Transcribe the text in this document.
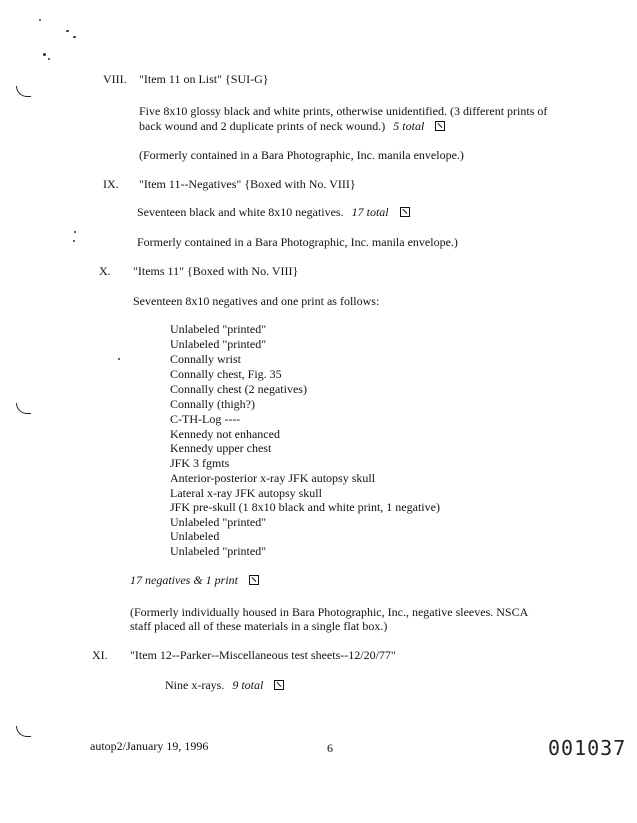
VIII. "Item 11 on List" {SUI-G}
Five 8x10 glossy black and white prints, otherwise unidentified. (3 different prints of
back wound and 2 duplicate prints of neck wound.) 5 total
(Formerly contained in a Bara Photographic, Inc. manila envelope.)
IX. "Item 11--Negatives" {Boxed with No. VIII}
Seventeen black and white 8x10 negatives. 17 total
Formerly contained in a Bara Photographic, Inc. manila envelope.)
X. "Items 11" {Boxed with No. VIII}
Seventeen 8x10 negatives and one print as follows:
Unlabeled "printed"
Unlabeled "printed"
Connally wrist
Connally chest, Fig. 35
Connally chest (2 negatives)
Connally (thigh?)
C-TH-Log ----
Kennedy not enhanced
Kennedy upper chest
JFK 3 fgmts
Anterior-posterior x-ray JFK autopsy skull
Lateral x-ray JFK autopsy skull
JFK pre-skull (1 8x10 black and white print, 1 negative)
Unlabeled "printed"
Unlabeled
Unlabeled "printed"
17 negatives & 1 print
(Formerly individually housed in Bara Photographic, Inc., negative sleeves. NSCA
staff placed all of these materials in a single flat box.)
XI. "Item 12--Parker--Miscellaneous test sheets--12/20/77"
Nine x-rays. 9 total
autop2/January 19, 1996	6	001037
